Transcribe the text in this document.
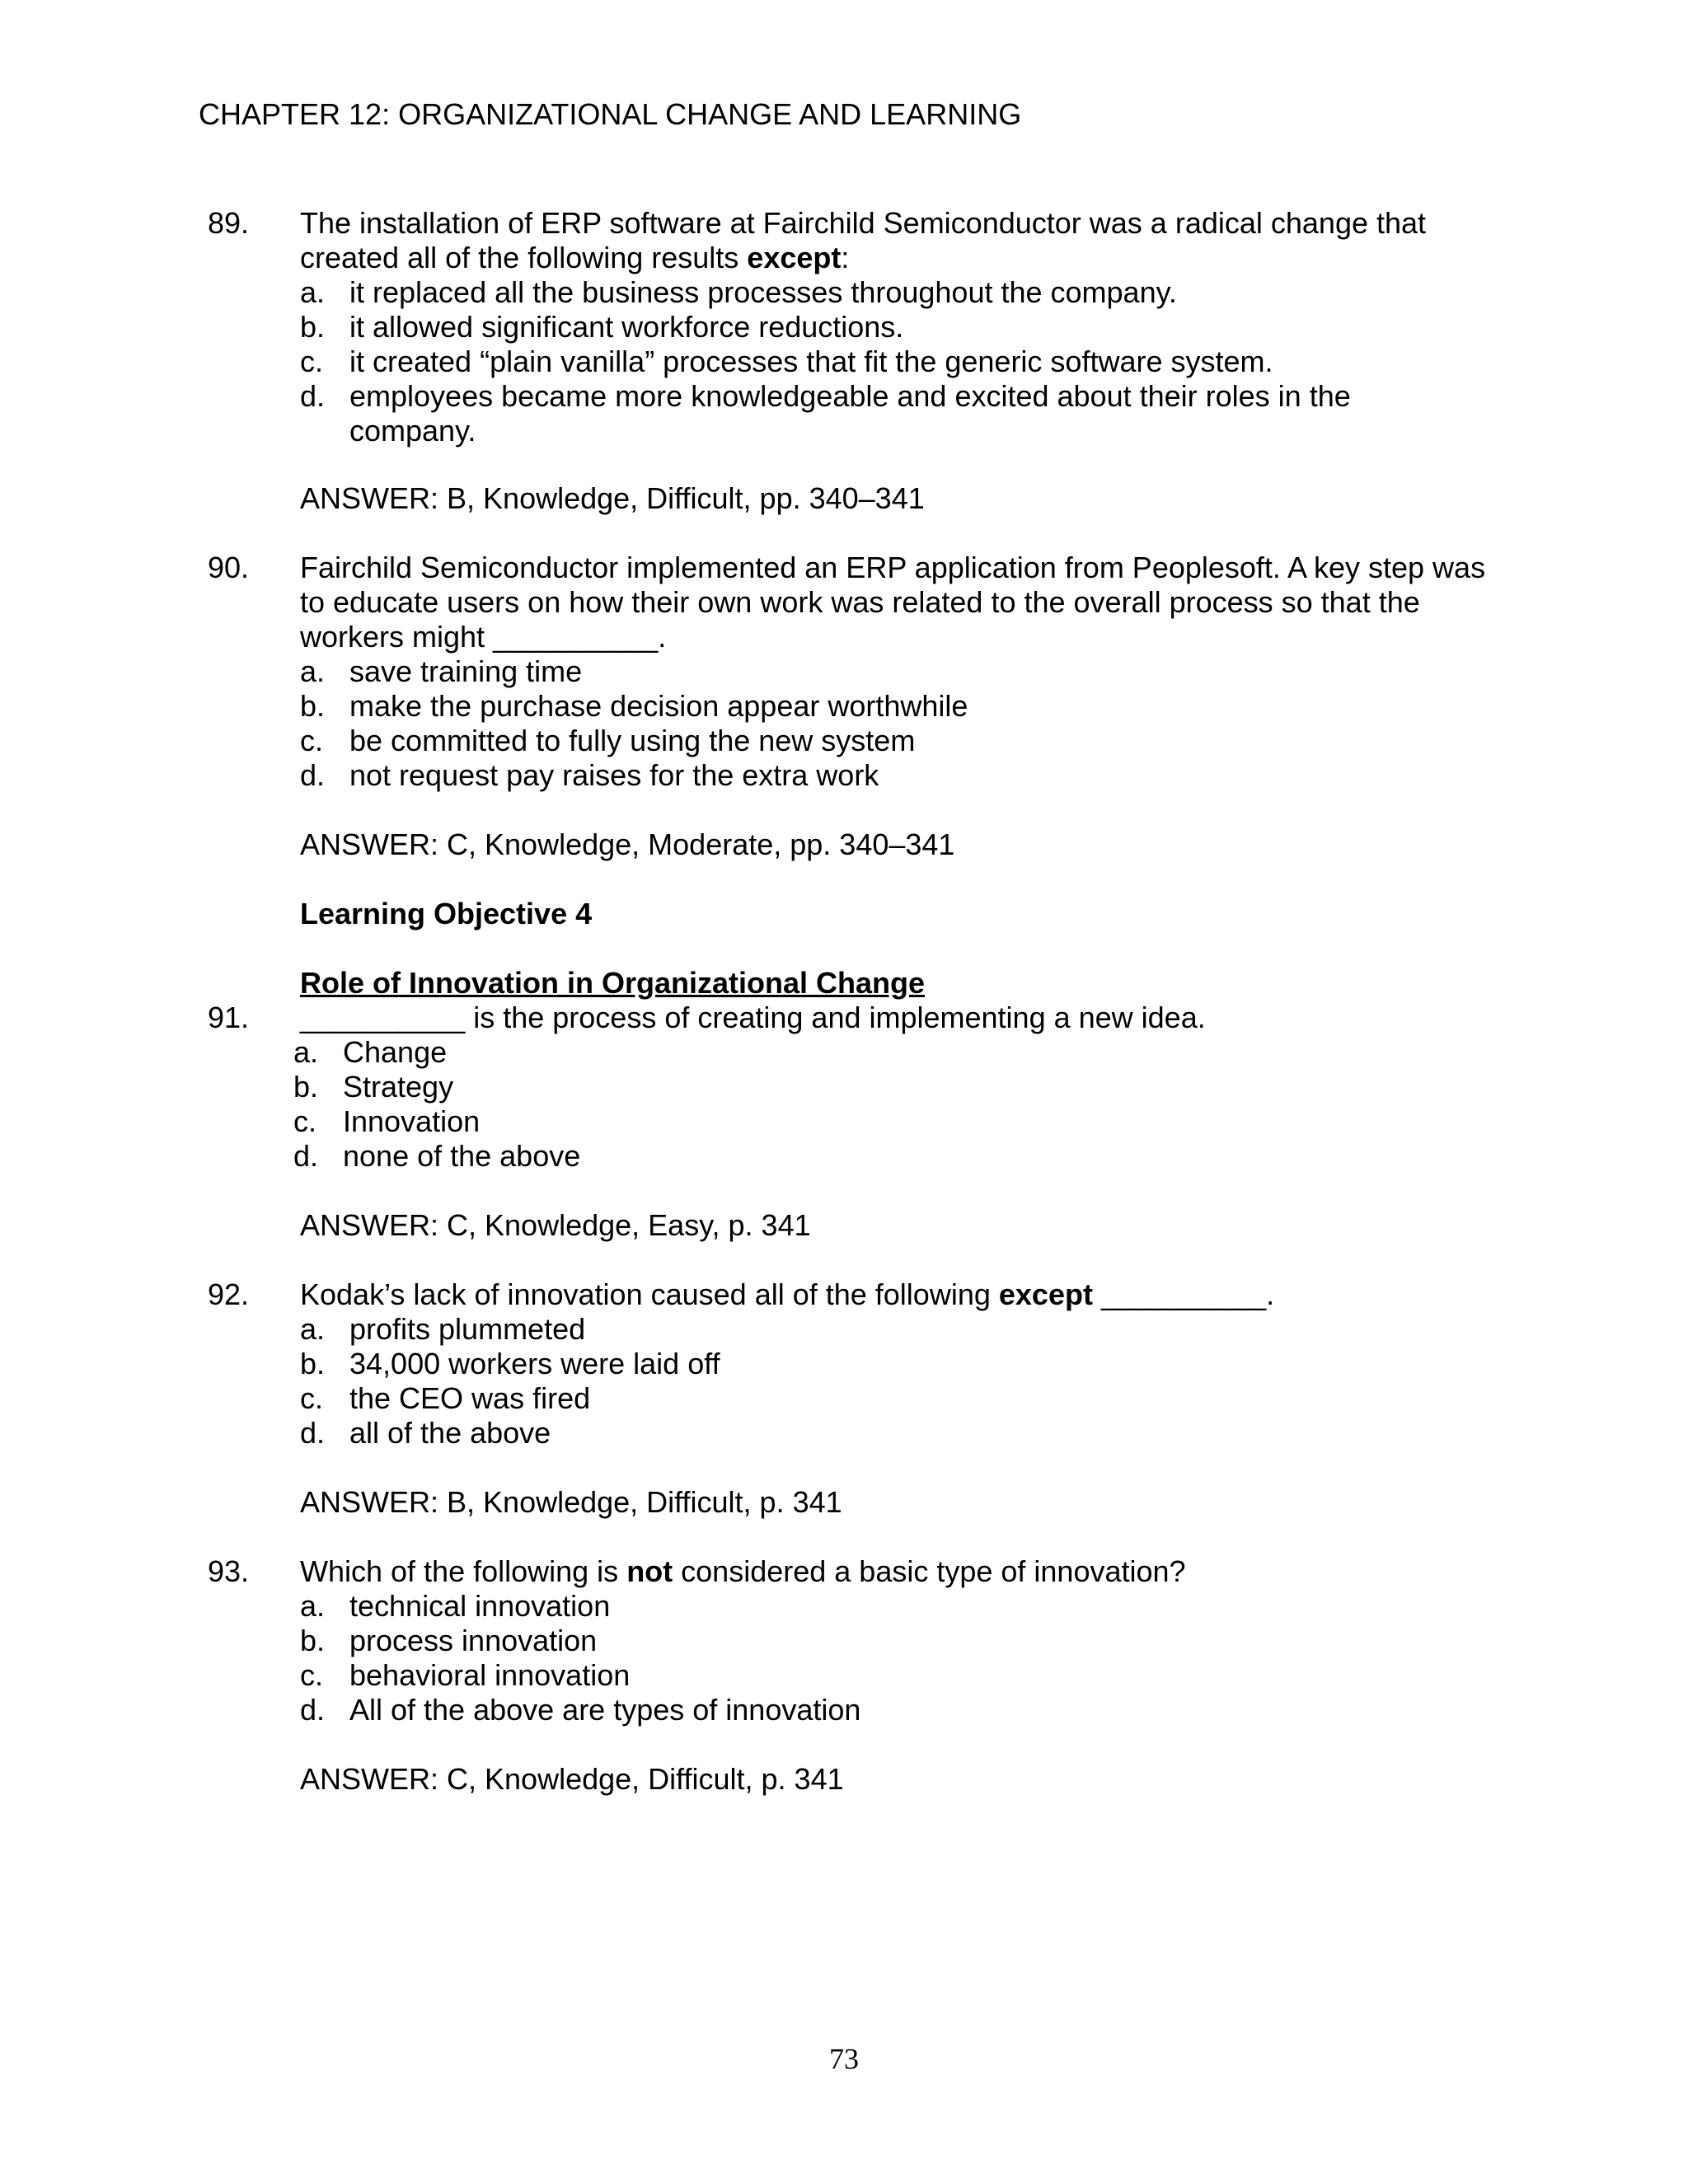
CHAPTER 12: ORGANIZATIONAL CHANGE AND LEARNING
89. The installation of ERP software at Fairchild Semiconductor was a radical change that created all of the following results except:
a. it replaced all the business processes throughout the company.
b. it allowed significant workforce reductions.
c. it created “plain vanilla” processes that fit the generic software system.
d. employees became more knowledgeable and excited about their roles in the company.
ANSWER: B, Knowledge, Difficult, pp. 340–341
90. Fairchild Semiconductor implemented an ERP application from Peoplesoft. A key step was to educate users on how their own work was related to the overall process so that the workers might __________.
a. save training time
b. make the purchase decision appear worthwhile
c. be committed to fully using the new system
d. not request pay raises for the extra work
ANSWER: C, Knowledge, Moderate, pp. 340–341
Learning Objective 4
Role of Innovation in Organizational Change
91. __________ is the process of creating and implementing a new idea.
a. Change
b. Strategy
c. Innovation
d. none of the above
ANSWER: C, Knowledge, Easy, p. 341
92. Kodak’s lack of innovation caused all of the following except __________.
a. profits plummeted
b. 34,000 workers were laid off
c. the CEO was fired
d. all of the above
ANSWER: B, Knowledge, Difficult, p. 341
93. Which of the following is not considered a basic type of innovation?
a. technical innovation
b. process innovation
c. behavioral innovation
d. All of the above are types of innovation
ANSWER: C, Knowledge, Difficult, p. 341
73
